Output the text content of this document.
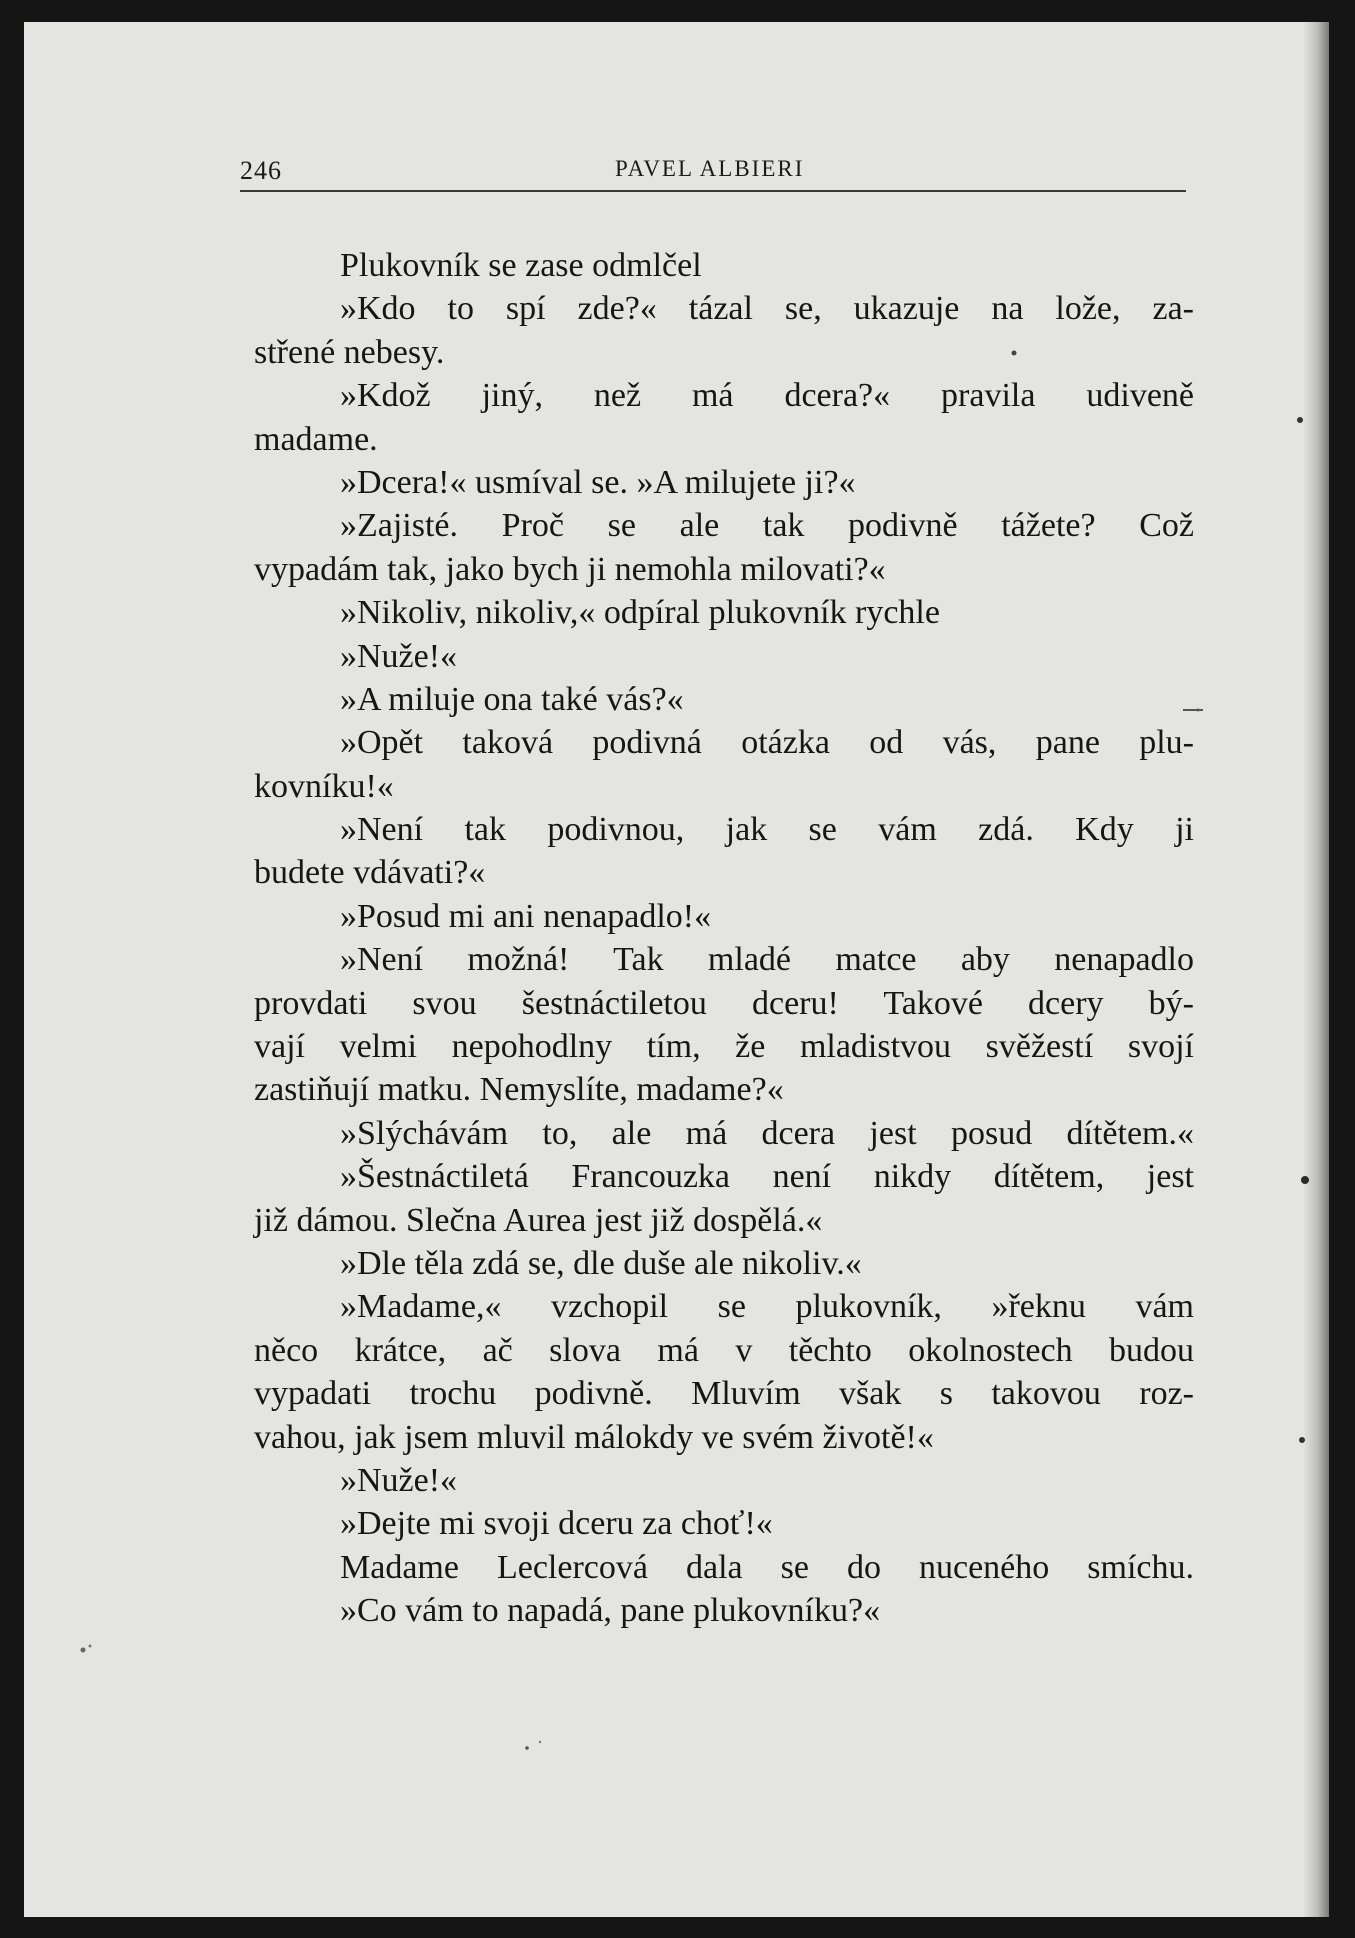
246	PAVEL ALBIERI
Plukovník se zase odmlčel
»Kdo to spí zde?« tázal se, ukazuje na lože, za-
střené nebesy.
»Kdož jiný, než má dcera?« pravila udiveně
madame.
»Dcera!« usmíval se. »A milujete ji?«
»Zajisté. Proč se ale tak podivně tážete? Což
vypadám tak, jako bych ji nemohla milovati?«
»Nikoliv, nikoliv,« odpíral plukovník rychle
»Nuže!«
»A miluje ona také vás?«
»Opět taková podivná otázka od vás, pane plu-
kovníku!«
»Není tak podivnou, jak se vám zdá. Kdy ji
budete vdávati?«
»Posud mi ani nenapadlo!«
»Není možná! Tak mladé matce aby nenapadlo
provdati svou šestnáctiletou dceru! Takové dcery bý-
vají velmi nepohodlny tím, že mladistvou svěžestí svojí
zastiňují matku. Nemyslíte, madame?«
»Slýchávám to, ale má dcera jest posud dítětem.«
»Šestnáctiletá Francouzka není nikdy dítětem, jest
již dámou. Slečna Aurea jest již dospělá.«
»Dle těla zdá se, dle duše ale nikoliv.«
»Madame,« vzchopil se plukovník, »řeknu vám
něco krátce, ač slova má v těchto okolnostech budou
vypadati trochu podivně. Mluvím však s takovou roz-
vahou, jak jsem mluvil málokdy ve svém životě!«
»Nuže!«
»Dejte mi svoji dceru za choť!«
Madame Leclercová dala se do nuceného smíchu.
»Co vám to napadá, pane plukovníku?«
